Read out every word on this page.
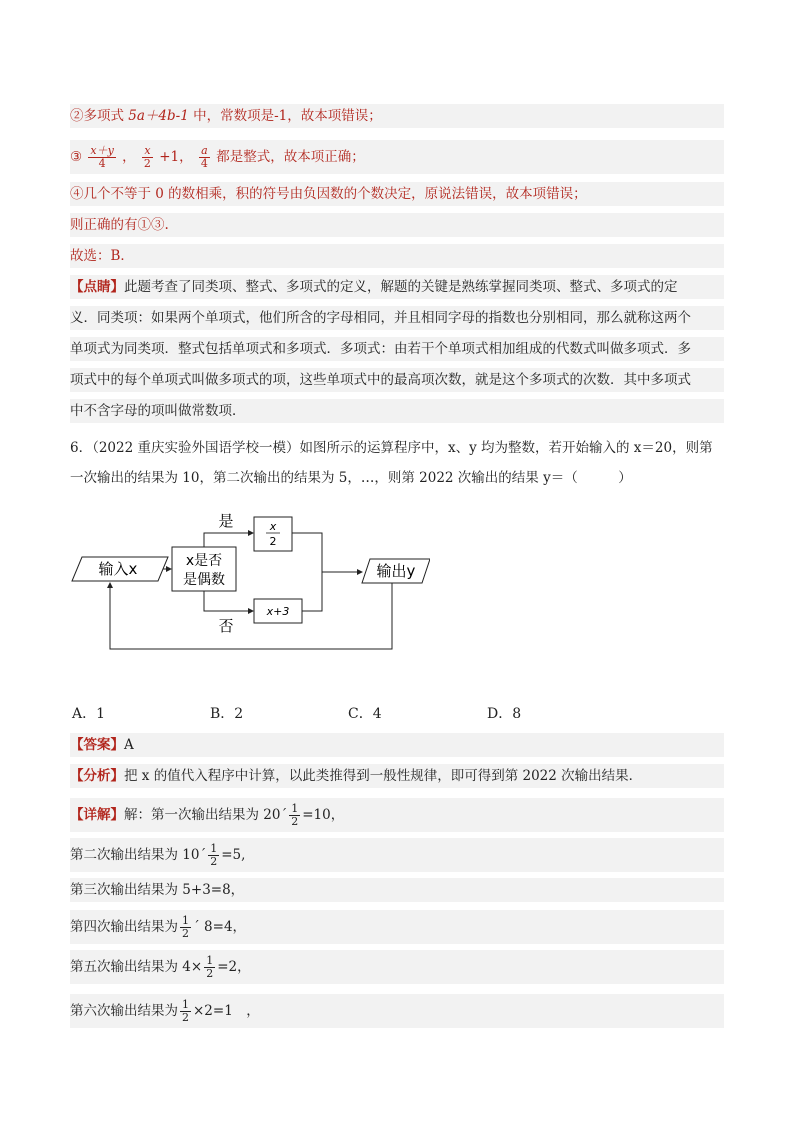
②多项式 5a＋4b-1 中，常数项是-1，故本项错误；
③ $\frac{x+y}{4}$ ， $\frac{x}{2} +1$， $\frac{a}{4}$ 都是整式，故本项正确；
④几个不等于 0 的数相乘，积的符号由负因数的个数决定，原说法错误，故本项错误；
则正确的有①③.
故选：B．
【点睛】此题考查了同类项、整式、多项式的定义，解题的关键是熟练掌握同类项、整式、多项式的定
义．同类项：如果两个单项式，他们所含的字母相同，并且相同字母的指数也分别相同，那么就称这两个
单项式为同类项．整式包括单项式和多项式．多项式：由若干个单项式相加组成的代数式叫做多项式．多
项式中的每个单项式叫做多项式的项，这些单项式中的最高项次数，就是这个多项式的次数．其中多项式
中不含字母的项叫做常数项．
6．（2022 重庆实验外国语学校一模）如图所示的运算程序中，x、y 均为整数，若开始输入的 x＝20，则第
一次输出的结果为 10，第二次输出的结果为 5，…，则第 2022 次输出的结果 y＝（　　　）
输入x	x是否
是偶数
是	x
2
否
x+3
输出y
A．1	B．2	C．4	D．8
【答案】A
【分析】把 x 的值代入程序中计算，以此类推得到一般性规律，即可得到第 2022 次输出结果．
【详解】解：第一次输出结果为 20´ $\frac{1}{2} =10$，
第二次输出结果为 10´ $\frac{1}{2} =5$,
第三次输出结果为 5+3=8，
第四次输出结果为 $\frac{1}{2}$ ´ 8=4，
第五次输出结果为 $4\times \frac{1}{2} =2$，
第六次输出结果为 $\frac{1}{2} \times 2=1$　，
